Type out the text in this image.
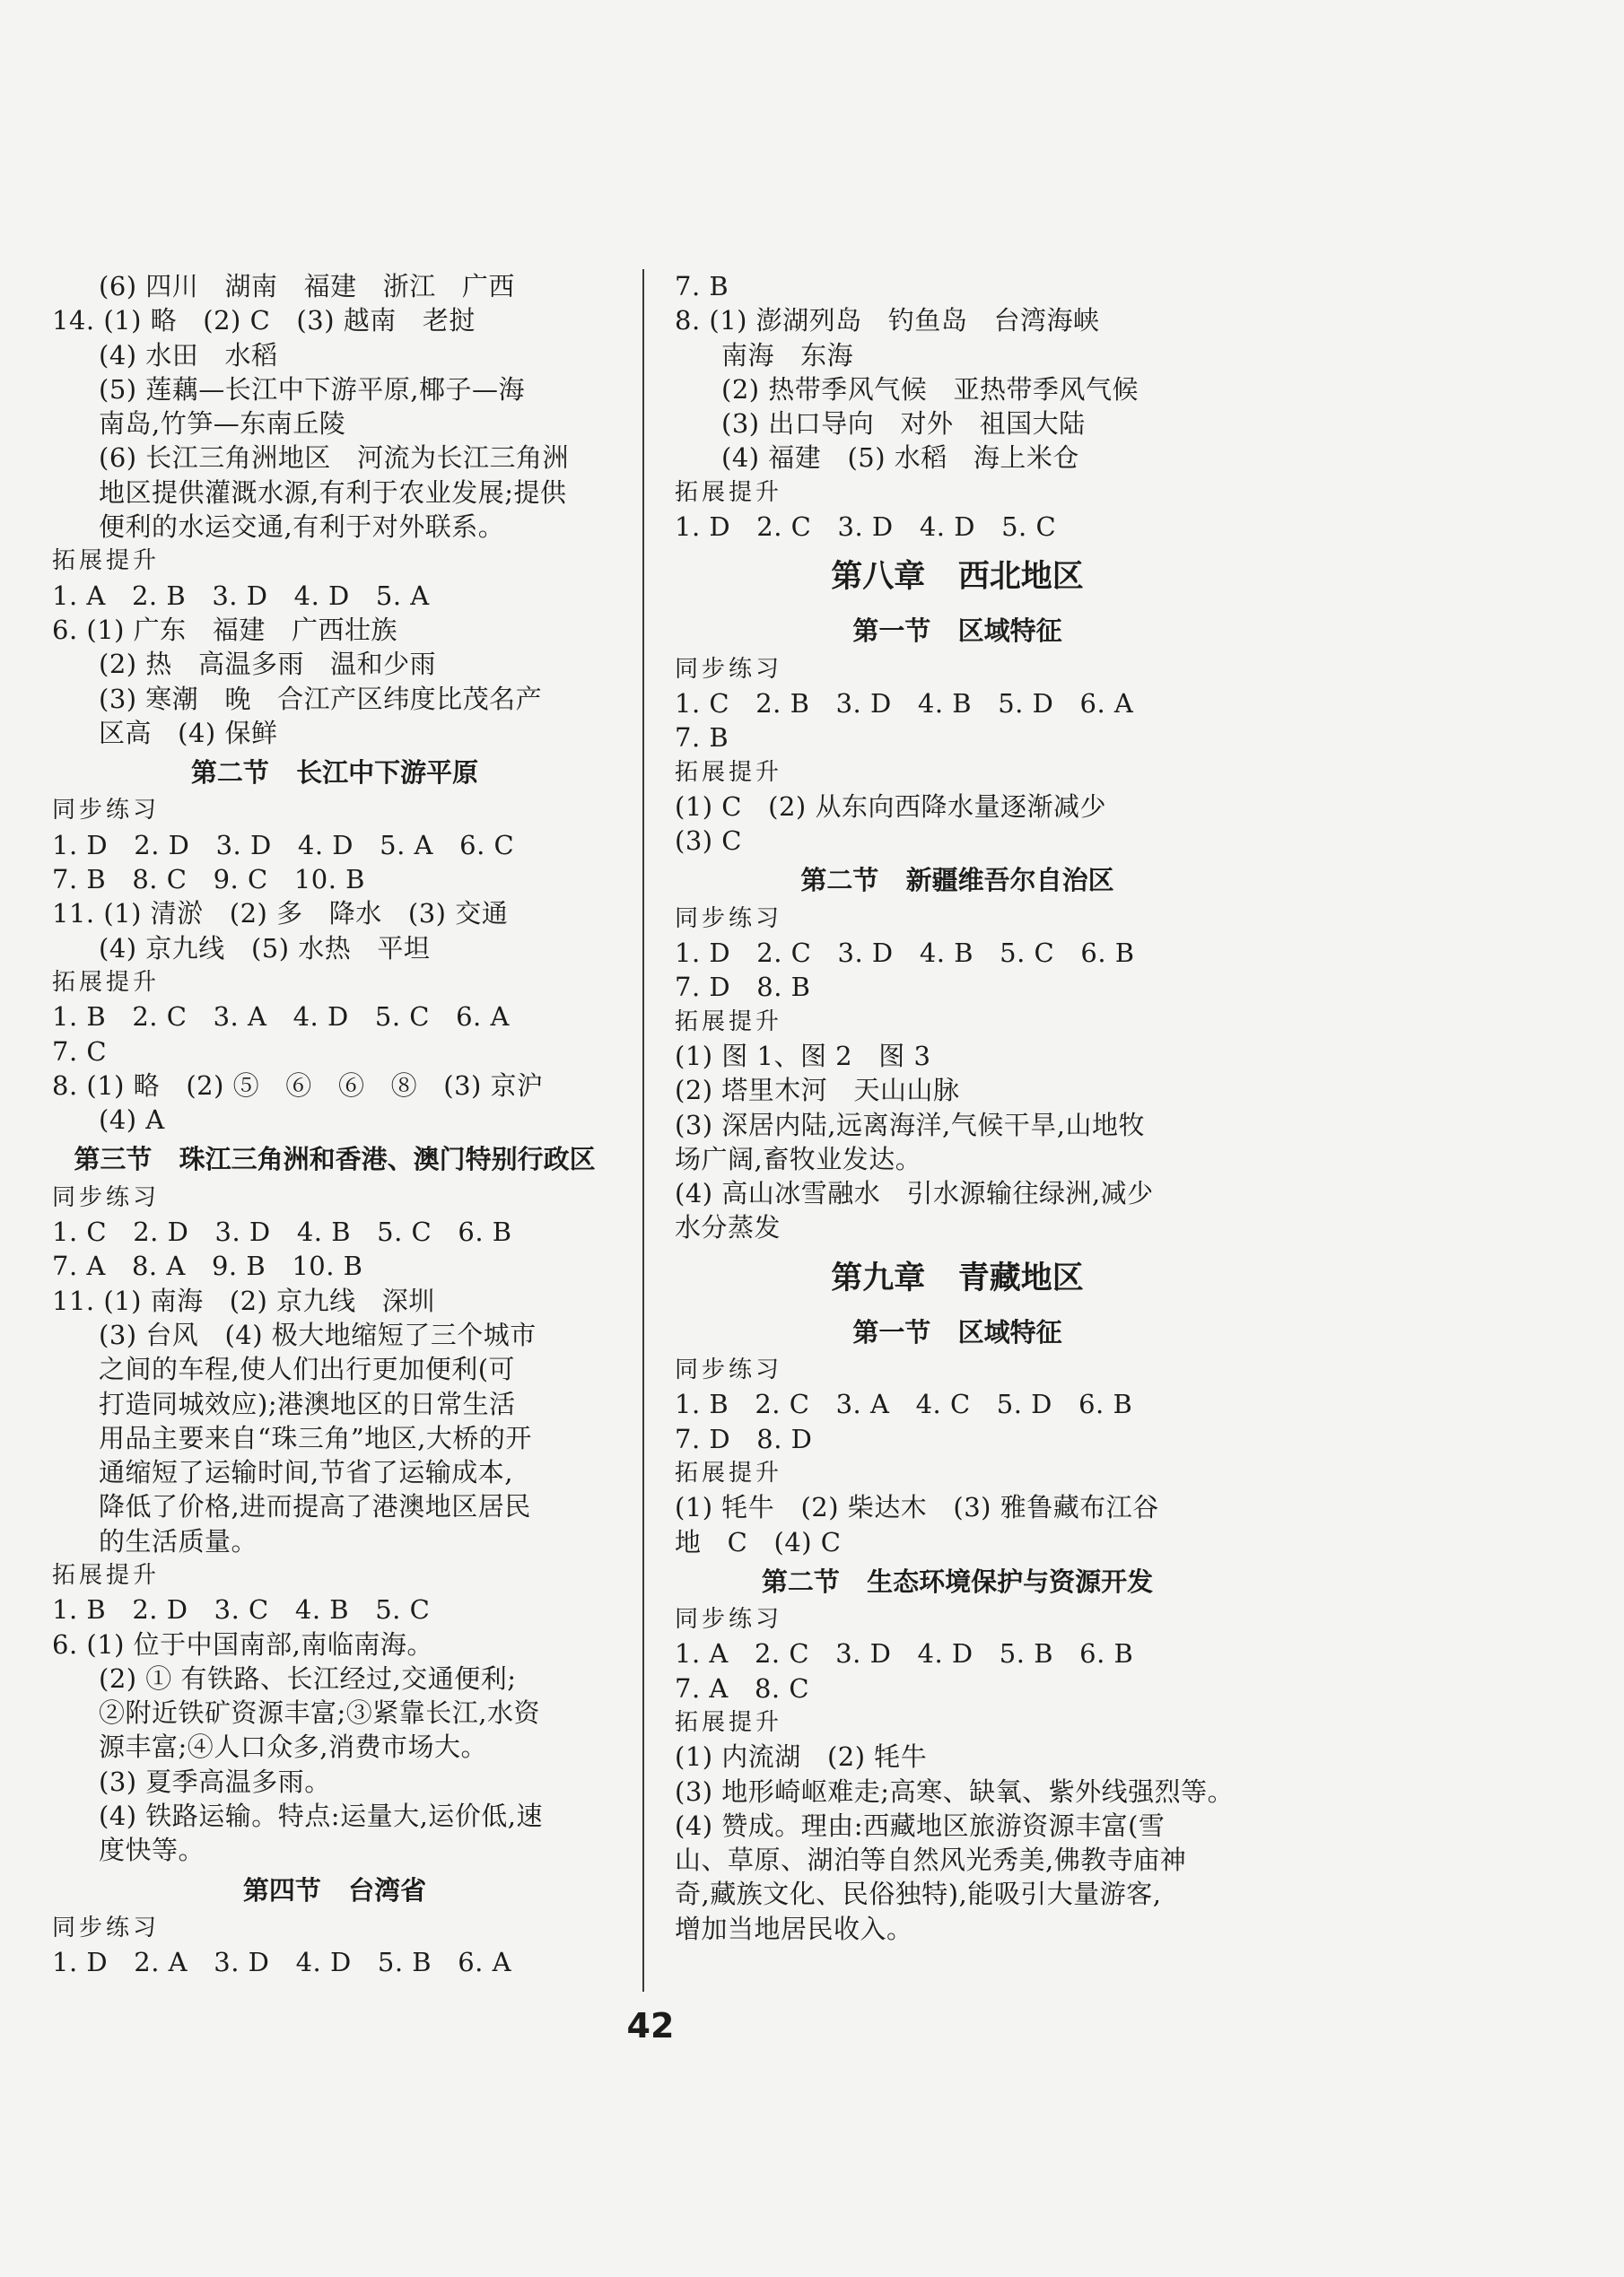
(6) 四川   湖南   福建   浙江   广西
14. (1) 略   (2) C   (3) 越南   老挝
(4) 水田   水稻
(5) 莲藕—长江中下游平原,椰子—海
南岛,竹笋—东南丘陵
(6) 长江三角洲地区   河流为长江三角洲
地区提供灌溉水源,有利于农业发展;提供
便利的水运交通,有利于对外联系。
拓展提升
1. A   2. B   3. D   4. D   5. A
6. (1) 广东   福建   广西壮族
(2) 热   高温多雨   温和少雨
(3) 寒潮   晚   合江产区纬度比茂名产
区高   (4) 保鲜
第二节   长江中下游平原
同步练习
1. D   2. D   3. D   4. D   5. A   6. C
7. B   8. C   9. C   10. B
11. (1) 清淤   (2) 多   降水   (3) 交通
(4) 京九线   (5) 水热   平坦
拓展提升
1. B   2. C   3. A   4. D   5. C   6. A
7. C
8. (1) 略   (2) ⑤   ⑥   ⑥   ⑧   (3) 京沪
(4) A
第三节   珠江三角洲和香港、澳门特别行政区
同步练习
1. C   2. D   3. D   4. B   5. C   6. B
7. A   8. A   9. B   10. B
11. (1) 南海   (2) 京九线   深圳
(3) 台风   (4) 极大地缩短了三个城市
之间的车程,使人们出行更加便利(可
打造同城效应);港澳地区的日常生活
用品主要来自“珠三角”地区,大桥的开
通缩短了运输时间,节省了运输成本,
降低了价格,进而提高了港澳地区居民
的生活质量。
拓展提升
1. B   2. D   3. C   4. B   5. C
6. (1) 位于中国南部,南临南海。
(2) ① 有铁路、长江经过,交通便利;
②附近铁矿资源丰富;③紧靠长江,水资
源丰富;④人口众多,消费市场大。
(3) 夏季高温多雨。
(4) 铁路运输。特点:运量大,运价低,速
度快等。
第四节   台湾省
同步练习
1. D   2. A   3. D   4. D   5. B   6. A
7. B
8. (1) 澎湖列岛   钓鱼岛   台湾海峡
南海   东海
(2) 热带季风气候   亚热带季风气候
(3) 出口导向   对外   祖国大陆
(4) 福建   (5) 水稻   海上米仓
拓展提升
1. D   2. C   3. D   4. D   5. C
第八章   西北地区
第一节   区域特征
同步练习
1. C   2. B   3. D   4. B   5. D   6. A
7. B
拓展提升
(1) C   (2) 从东向西降水量逐渐减少
(3) C
第二节   新疆维吾尔自治区
同步练习
1. D   2. C   3. D   4. B   5. C   6. B
7. D   8. B
拓展提升
(1) 图 1、图 2   图 3
(2) 塔里木河   天山山脉
(3) 深居内陆,远离海洋,气候干旱,山地牧
场广阔,畜牧业发达。
(4) 高山冰雪融水   引水源输往绿洲,减少
水分蒸发
第九章   青藏地区
第一节   区域特征
同步练习
1. B   2. C   3. A   4. C   5. D   6. B
7. D   8. D
拓展提升
(1) 牦牛   (2) 柴达木   (3) 雅鲁藏布江谷
地   C   (4) C
第二节   生态环境保护与资源开发
同步练习
1. A   2. C   3. D   4. D   5. B   6. B
7. A   8. C
拓展提升
(1) 内流湖   (2) 牦牛
(3) 地形崎岖难走;高寒、缺氧、紫外线强烈等。
(4) 赞成。理由:西藏地区旅游资源丰富(雪
山、草原、湖泊等自然风光秀美,佛教寺庙神
奇,藏族文化、民俗独特),能吸引大量游客,
增加当地居民收入。
42
